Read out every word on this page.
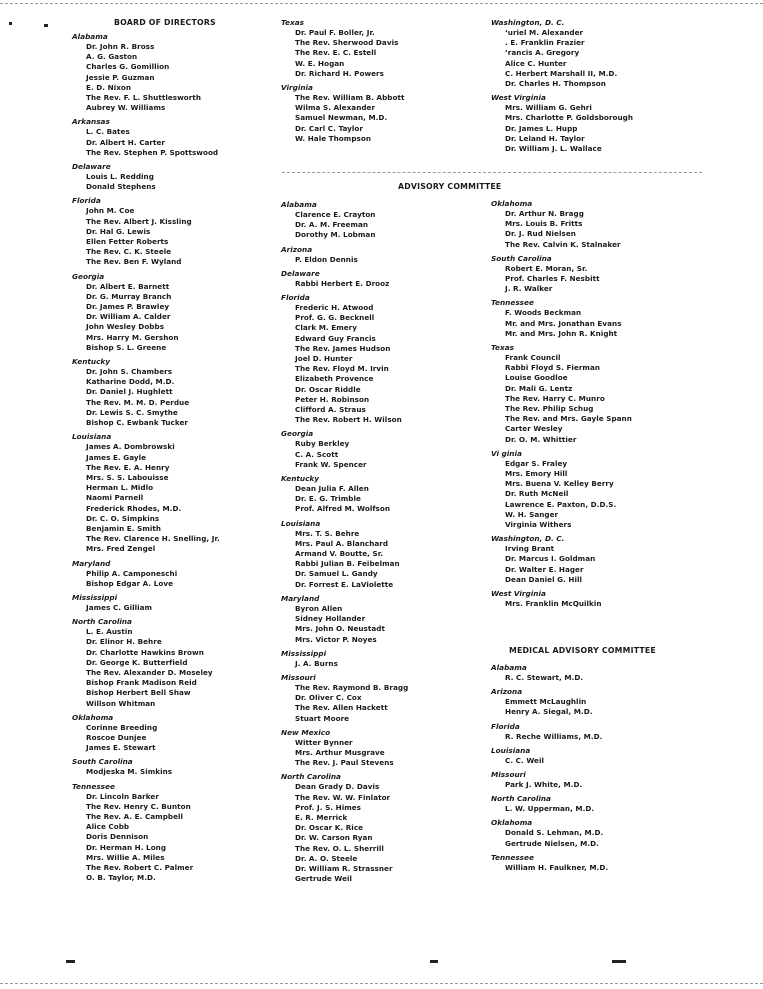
BOARD OF DIRECTORS
ADVISORY COMMITTEE
MEDICAL ADVISORY COMMITTEE
Alabama
Dr. John R. Bross
A. G. Gaston
Charles G. Gomillion
Jessie P. Guzman
E. D. Nixon
The Rev. F. L. Shuttlesworth
Aubrey W. Williams
Arkansas
L. C. Bates
Dr. Albert H. Carter
The Rev. Stephen P. Spottswood
Delaware
Louis L. Redding
Donald Stephens
Florida
John M. Coe
The Rev. Albert J. Kissling
Dr. Hal G. Lewis
Ellen Fetter Roberts
The Rev. C. K. Steele
The Rev. Ben F. Wyland
Georgia
Dr. Albert E. Barnett
Dr. G. Murray Branch
Dr. James P. Brawley
Dr. William A. Calder
John Wesley Dobbs
Mrs. Harry M. Gershon
Bishop S. L. Greene
Kentucky
Dr. John S. Chambers
Katharine Dodd, M.D.
Dr. Daniel J. Hughlett
The Rev. M. M. D. Perdue
Dr. Lewis S. C. Smythe
Bishop C. Ewbank Tucker
Louisiana
James A. Dombrowski
James E. Gayle
The Rev. E. A. Henry
Mrs. S. S. Labouisse
Herman L. Midlo
Naomi Parnell
Frederick Rhodes, M.D.
Dr. C. O. Simpkins
Benjamin E. Smith
The Rev. Clarence H. Snelling, Jr.
Mrs. Fred Zengel
Maryland
Philip A. Camponeschi
Bishop Edgar A. Love
Mississippi
James C. Gilliam
North Carolina
L. E. Austin
Dr. Elinor H. Behre
Dr. Charlotte Hawkins Brown
Dr. George K. Butterfield
The Rev. Alexander D. Moseley
Bishop Frank Madison Reid
Bishop Herbert Bell Shaw
Willson Whitman
Oklahoma
Corinne Breeding
Roscoe Dunjee
James E. Stewart
South Carolina
Modjeska M. Simkins
Tennessee
Dr. Lincoln Barker
The Rev. Henry C. Bunton
The Rev. A. E. Campbell
Alice Cobb
Doris Dennison
Dr. Herman H. Long
Mrs. Willie A. Miles
The Rev. Robert C. Palmer
O. B. Taylor, M.D.
Texas
Dr. Paul F. Boller, Jr.
The Rev. Sherwood Davis
The Rev. E. C. Estell
W. E. Hogan
Dr. Richard H. Powers
Virginia
The Rev. William B. Abbott
Wilma S. Alexander
Samuel Newman, M.D.
Dr. Carl C. Taylor
W. Hale Thompson
Alabama
Clarence E. Crayton
Dr. A. M. Freeman
Dorothy M. Lobman
Arizona
P. Eldon Dennis
Delaware
Rabbi Herbert E. Drooz
Florida
Frederic H. Atwood
Prof. G. G. Becknell
Clark M. Emery
Edward Guy Francis
The Rev. James Hudson
Joel D. Hunter
The Rev. Floyd M. Irvin
Elizabeth Provence
Dr. Oscar Riddle
Peter H. Robinson
Clifford A. Straus
The Rev. Robert H. Wilson
Georgia
Ruby Berkley
C. A. Scott
Frank W. Spencer
Kentucky
Dean Julia F. Allen
Dr. E. G. Trimble
Prof. Alfred M. Wolfson
Louisiana
Mrs. T. S. Behre
Mrs. Paul A. Blanchard
Armand V. Boutte, Sr.
Rabbi Julian B. Feibelman
Dr. Samuel L. Gandy
Dr. Forrest E. LaViolette
Maryland
Byron Allen
Sidney Hollander
Mrs. John O. Neustadt
Mrs. Victor P. Noyes
Mississippi
J. A. Burns
Missouri
The Rev. Raymond B. Bragg
Dr. Oliver C. Cox
The Rev. Allen Hackett
Stuart Moore
New Mexico
Witter Bynner
Mrs. Arthur Musgrave
The Rev. J. Paul Stevens
North Carolina
Dean Grady D. Davis
The Rev. W. W. Finlator
Prof. J. S. Himes
E. R. Merrick
Dr. Oscar K. Rice
Dr. W. Carson Ryan
The Rev. O. L. Sherrill
Dr. A. O. Steele
Dr. William R. Strassner
Gertrude Weil
Washington, D. C.
‘uriel M. Alexander
. E. Franklin Frazier
’rancis A. Gregory
Alice C. Hunter
C. Herbert Marshall II, M.D.
Dr. Charles H. Thompson
West Virginia
Mrs. William G. Gehri
Mrs. Charlotte P. Goldsborough
Dr. James L. Hupp
Dr. Leland H. Taylor
Dr. William J. L. Wallace
Oklahoma
Dr. Arthur N. Bragg
Mrs. Louis B. Fritts
Dr. J. Rud Nielsen
The Rev. Calvin K. Stalnaker
South Carolina
Robert E. Moran, Sr.
Prof. Charles F. Nesbitt
J. R. Walker
Tennessee
F. Woods Beckman
Mr. and Mrs. Jonathan Evans
Mr. and Mrs. John R. Knight
Texas
Frank Council
Rabbi Floyd S. Fierman
Louise Goodloe
Dr. Mali G. Lentz
The Rev. Harry C. Munro
The Rev. Philip Schug
The Rev. and Mrs. Gayle Spann
Carter Wesley
Dr. O. M. Whittier
Vi ginia
Edgar S. Fraley
Mrs. Emory Hill
Mrs. Buena V. Kelley Berry
Dr. Ruth McNeil
Lawrence E. Paxton, D.D.S.
W. H. Sanger
Virginia Withers
Washington, D. C.
Irving Brant
Dr. Marcus I. Goldman
Dr. Walter E. Hager
Dean Daniel G. Hill
West Virginia
Mrs. Franklin McQuilkin
Alabama
R. C. Stewart, M.D.
Arizona
Emmett McLaughlin
Henry A. Siegal, M.D.
Florida
R. Reche Williams, M.D.
Louisiana
C. C. Weil
Missouri
Park J. White, M.D.
North Carolina
L. W. Upperman, M.D.
Oklahoma
Donald S. Lehman, M.D.
Gertrude Nielsen, M.D.
Tennessee
William H. Faulkner, M.D.
